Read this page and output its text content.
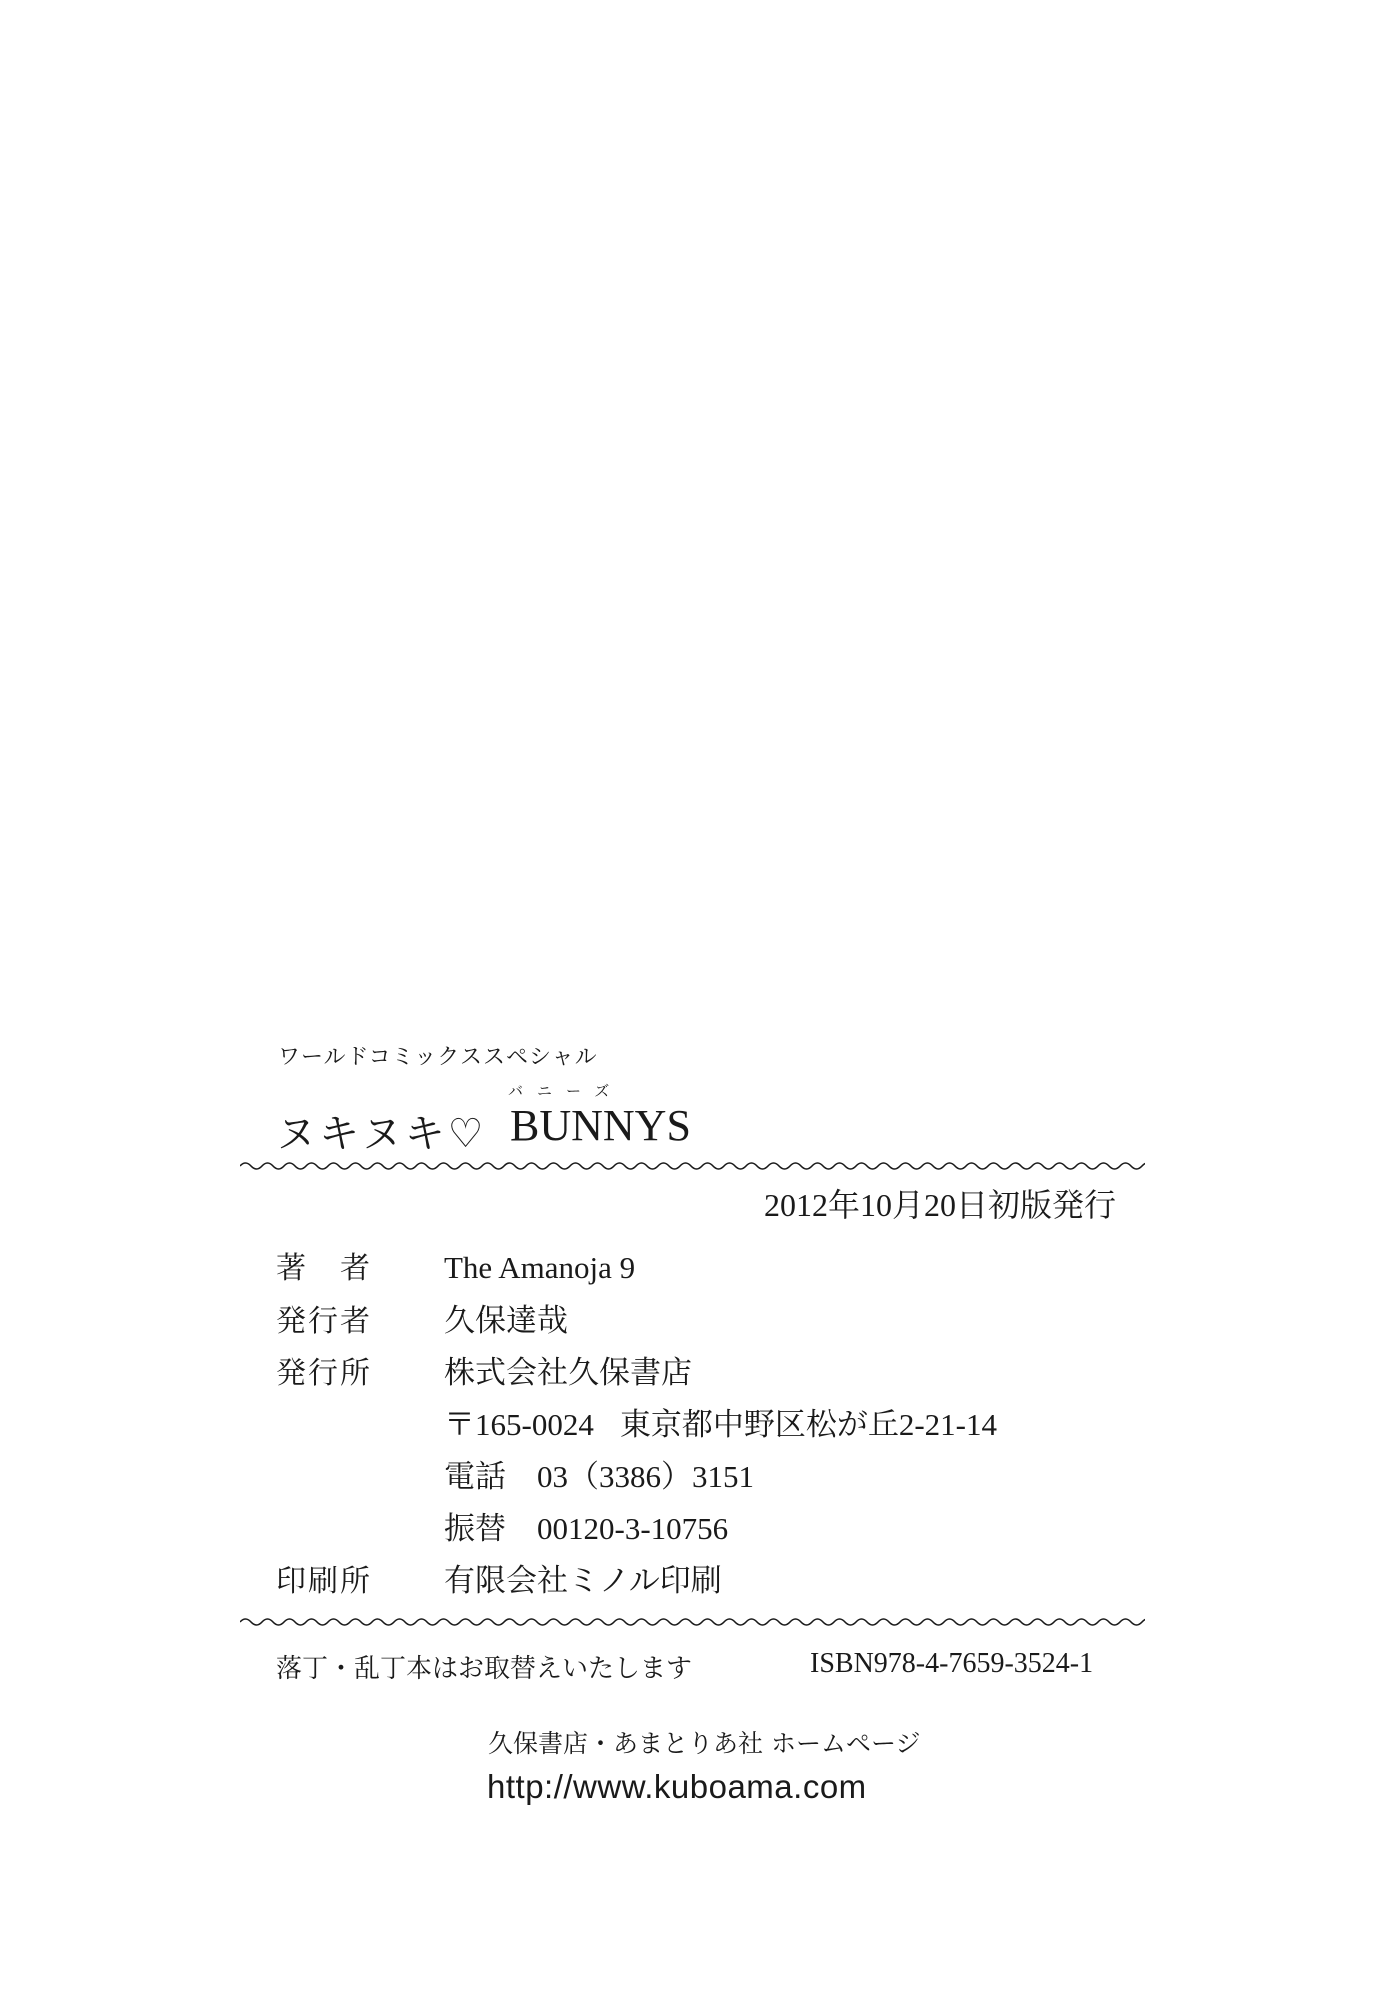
ワールドコミックススペシャル
バニーズ
ヌキヌキ♡ BUNNYS
2012年10月20日初版発行
著　者	The Amanoja 9
発行者	久保達哉
発行所	株式会社久保書店
〒165-0024 東京都中野区松が丘2-21-14
電話　03（3386）3151
振替　00120-3-10756
印刷所	有限会社ミノル印刷
落丁・乱丁本はお取替えいたします	ISBN978-4-7659-3524-1
久保書店・あまとりあ社 ホームページ
http://www.kuboama.com
